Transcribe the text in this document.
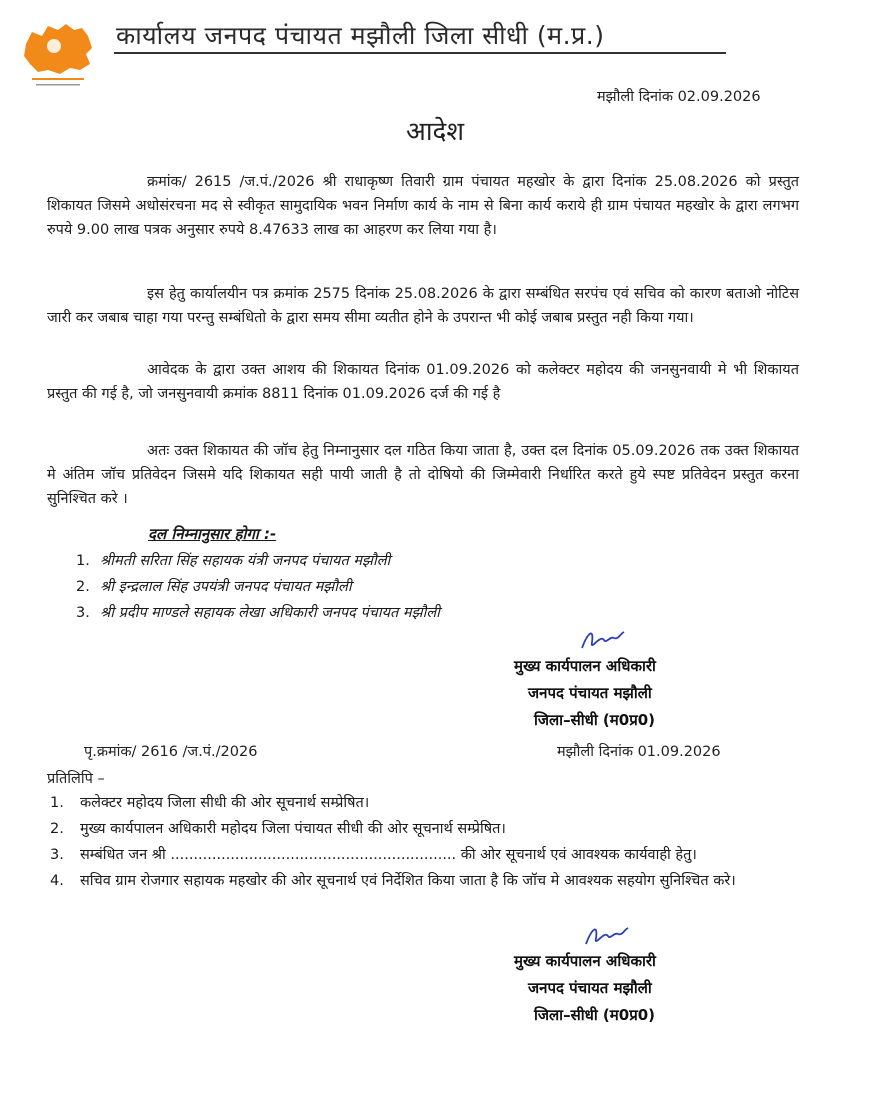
कार्यालय जनपद पंचायत मझौली जिला सीधी (म.प्र.)
मझौली दिनांक 02.09.2026
आदेश

क्रमांक/ 2615 /ज.पं./2026 श्री राधाकृष्ण तिवारी ग्राम पंचायत महखोर के द्वारा दिनांक 25.08.2026 को प्रस्तुत शिकायत जिसमे अधोसंरचना मद से स्वीकृत सामुदायिक भवन निर्माण कार्य के नाम से बिना कार्य कराये ही ग्राम पंचायत महखोर के द्वारा लगभग रुपये 9.00 लाख पत्रक अनुसार रुपये 8.47633 लाख का आहरण कर लिया गया है।

इस हेतु कार्यालयीन पत्र क्रमांक 2575 दिनांक 25.08.2026 के द्वारा सम्बंधित सरपंच एवं सचिव को कारण बताओ नोटिस जारी कर जबाब चाहा गया परन्तु सम्बंधितो के द्वारा समय सीमा व्यतीत होने के उपरान्त भी कोई जबाब प्रस्तुत नही किया गया।

आवेदक के द्वारा उक्त आशय की शिकायत दिनांक 01.09.2026 को कलेक्टर महोदय की जनसुनवायी मे भी शिकायत प्रस्तुत की गई है, जो जनसुनवायी क्रमांक 8811 दिनांक 01.09.2026 दर्ज की गई है

अतः उक्त शिकायत की जॉच हेतु निम्नानुसार दल गठित किया जाता है, उक्त दल दिनांक 05.09.2026 तक उक्त शिकायत मे अंतिम जॉच प्रतिवेदन जिसमे यदि शिकायत सही पायी जाती है तो दोषियो की जिम्मेवारी निर्धारित करते हुये स्पष्ट प्रतिवेदन प्रस्तुत करना सुनिश्चित करे ।

दल निम्नानुसार होगा :-
1. श्रीमती सरिता सिंह सहायक यंत्री जनपद पंचायत मझौली
2. श्री इन्द्रलाल सिंह उपयंत्री जनपद पंचायत मझौली
3. श्री प्रदीप माण्डले सहायक लेखा अधिकारी जनपद पंचायत मझौली
मुख्य कार्यपालन अधिकारी
जनपद पंचायत मझौली
जिला–सीधी (म0प्र0)
पृ.क्रमांक/ 2616 /ज.पं./2026	मझौली दिनांक 01.09.2026
प्रतिलिपि –
1. कलेक्टर महोदय जिला सीधी की ओर सूचनार्थ सम्प्रेषित।
2. मुख्य कार्यपालन अधिकारी महोदय जिला पंचायत सीधी की ओर सूचनार्थ सम्प्रेषित।
3. सम्बंधित जन श्री .............................................................. की ओर सूचनार्थ एवं आवश्यक कार्यवाही हेतु।
4. सचिव ग्राम रोजगार सहायक महखोर की ओर सूचनार्थ एवं निर्देशित किया जाता है कि जॉच मे आवश्यक सहयोग सुनिश्चित करे।
मुख्य कार्यपालन अधिकारी
जनपद पंचायत मझौली
जिला–सीधी (म0प्र0)
